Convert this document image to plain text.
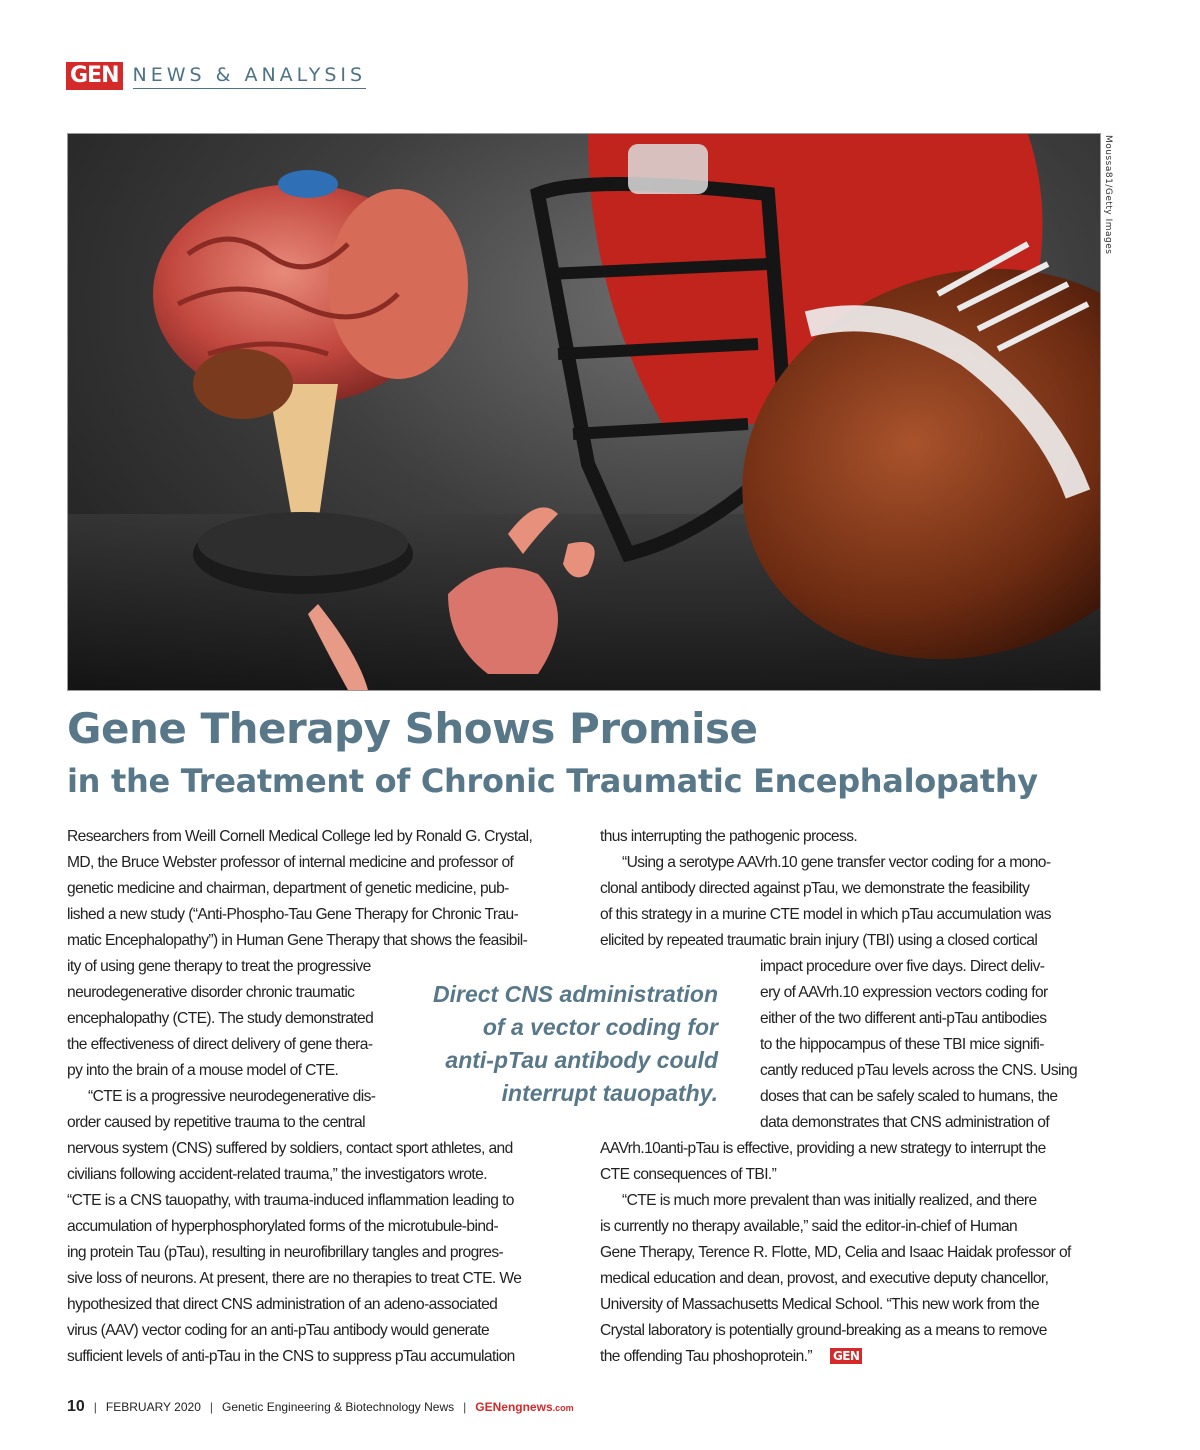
GEN NEWS & ANALYSIS
Moussa81/Getty Images
Gene Therapy Shows Promise
in the Treatment of Chronic Traumatic Encephalopathy
Researchers from Weill Cornell Medical College led by Ronald G. Crystal,
MD, the Bruce Webster professor of internal medicine and professor of
genetic medicine and chairman, department of genetic medicine, pub-
lished a new study (“Anti-Phospho-Tau Gene Therapy for Chronic Trau-
matic Encephalopathy”) in Human Gene Therapy that shows the feasibil-
ity of using gene therapy to treat the progressive
neurodegenerative disorder chronic traumatic
encephalopathy (CTE). The study demonstrated
the effectiveness of direct delivery of gene thera-
py into the brain of a mouse model of CTE.
“CTE is a progressive neurodegenerative dis-
order caused by repetitive trauma to the central
nervous system (CNS) suffered by soldiers, contact sport athletes, and
civilians following accident-related trauma,” the investigators wrote.
“CTE is a CNS tauopathy, with trauma-induced inflammation leading to
accumulation of hyperphosphorylated forms of the microtubule-bind-
ing protein Tau (pTau), resulting in neurofibrillary tangles and progres-
sive loss of neurons. At present, there are no therapies to treat CTE. We
hypothesized that direct CNS administration of an adeno-associated
virus (AAV) vector coding for an anti-pTau antibody would generate
sufficient levels of anti-pTau in the CNS to suppress pTau accumulation
Direct CNS administration
of a vector coding for
anti-pTau antibody could
interrupt tauopathy.
thus interrupting the pathogenic process.
“Using a serotype AAVrh.10 gene transfer vector coding for a mono-
clonal antibody directed against pTau, we demonstrate the feasibility
of this strategy in a murine CTE model in which pTau accumulation was
elicited by repeated traumatic brain injury (TBI) using a closed cortical
impact procedure over five days. Direct deliv-
ery of AAVrh.10 expression vectors coding for
either of the two different anti-pTau antibodies
to the hippocampus of these TBI mice signifi-
cantly reduced pTau levels across the CNS. Using
doses that can be safely scaled to humans, the
data demonstrates that CNS administration of
AAVrh.10anti-pTau is effective, providing a new strategy to interrupt the
CTE consequences of TBI.”
“CTE is much more prevalent than was initially realized, and there
is currently no therapy available,” said the editor-in-chief of Human
Gene Therapy, Terence R. Flotte, MD, Celia and Isaac Haidak professor of
medical education and dean, provost, and executive deputy chancellor,
University of Massachusetts Medical School. “This new work from the
Crystal laboratory is potentially ground-breaking as a means to remove
the offending Tau phoshoprotein.” GEN
10 | FEBRUARY 2020 | Genetic Engineering & Biotechnology News | GENengnews.com
